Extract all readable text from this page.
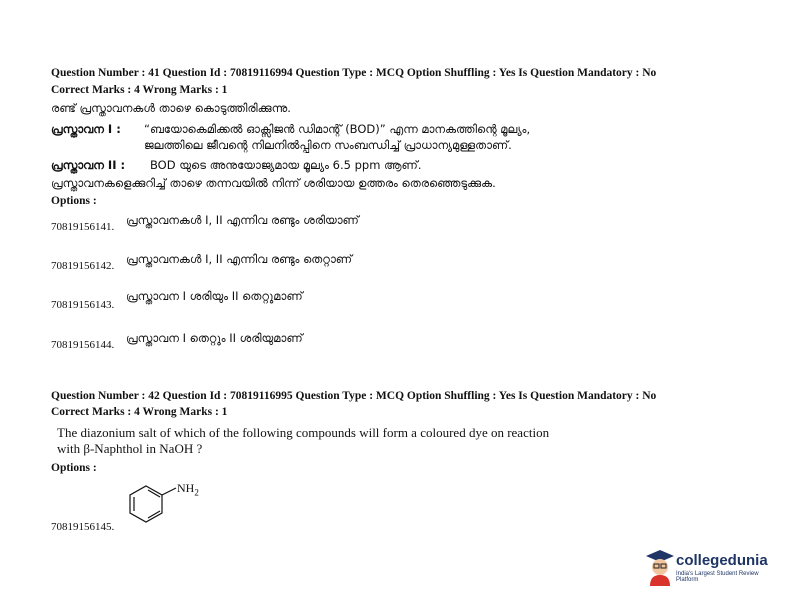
Question Number : 41 Question Id : 70819116994 Question Type : MCQ Option Shuffling : Yes Is Question Mandatory : No
Correct Marks : 4 Wrong Marks : 1
രണ്ട് പ്രസ്താവനകൾ താഴെ കൊടുത്തിരിക്കുന്നു.
പ്രസ്താവന I : “ബയോകെമിക്കൽ ഓക്സിജൻ ഡിമാന്റ് (BOD)” എന്ന മാനകത്തിന്റെ മൂല്യം,
ജലത്തിലെ ജീവന്റെ നിലനിൽപ്പിനെ സംബന്ധിച്ച് പ്രാധാന്യമുള്ളതാണ്.
പ്രസ്താവന II : BOD യുടെ അനുയോജ്യമായ മൂല്യം 6.5 ppm ആണ്.
പ്രസ്താവനകളെക്കുറിച്ച് താഴെ തന്നവയിൽ നിന്ന് ശരിയായ ഉത്തരം തെരഞ്ഞെടുക്കുക.
Options :
70819156141. പ്രസ്താവനകൾ I, II എന്നിവ രണ്ടും ശരിയാണ്
70819156142. പ്രസ്താവനകൾ I, II എന്നിവ രണ്ടും തെറ്റാണ്
70819156143.
പ്രസ്താവന I ശരിയും II തെറ്റുമാണ്
70819156144. പ്രസ്താവന I തെറ്റും II ശരിയുമാണ്
Question Number : 42 Question Id : 70819116995 Question Type : MCQ Option Shuffling : Yes Is Question Mandatory : No
Correct Marks : 4 Wrong Marks : 1
The diazonium salt of which of the following compounds will form a coloured dye on reaction
with β-Naphthol in NaOH ?
Options :
$NH_2$
70819156145.
collegedunia
India's Largest Student Review Platform
